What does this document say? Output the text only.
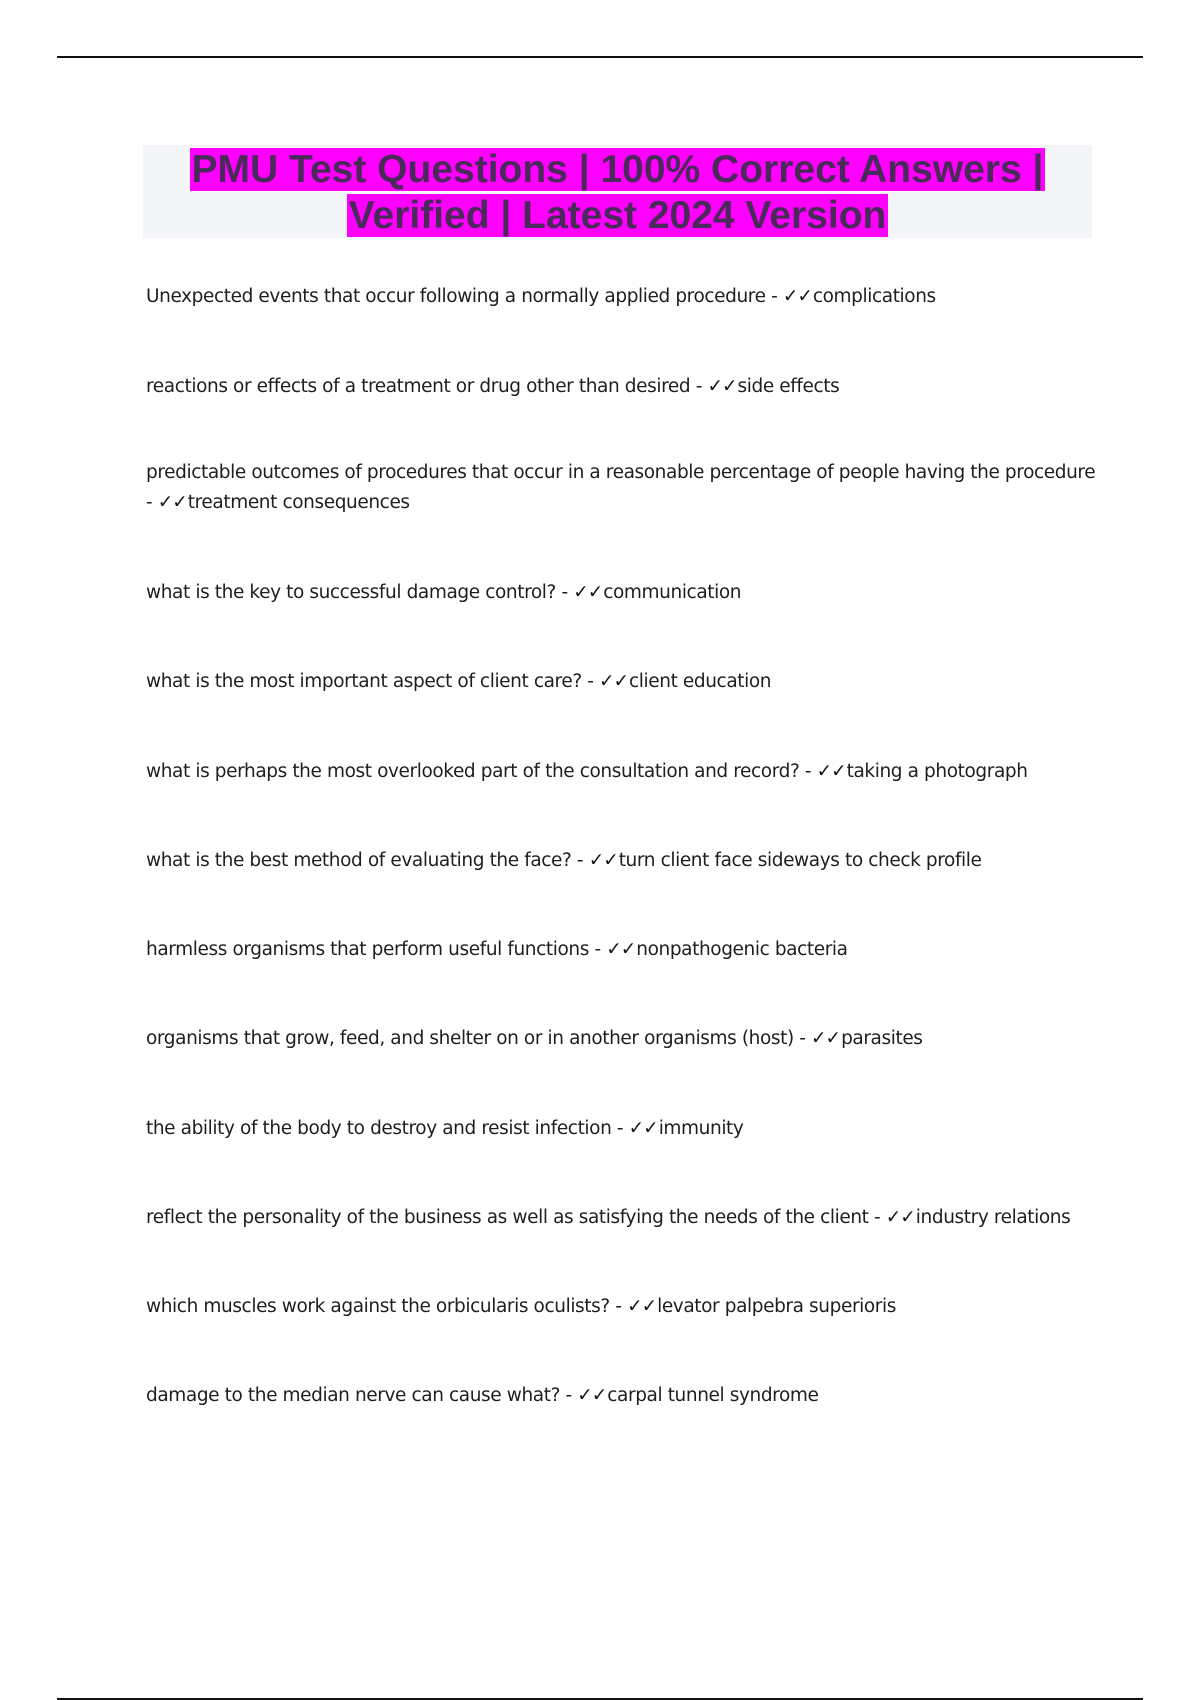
PMU Test Questions | 100% Correct Answers |
Verified | Latest 2024 Version
Unexpected events that occur following a normally applied procedure - ✓✓complications
reactions or effects of a treatment or drug other than desired - ✓✓side effects
predictable outcomes of procedures that occur in a reasonable percentage of people having the procedure - ✓✓treatment consequences
what is the key to successful damage control? - ✓✓communication
what is the most important aspect of client care? - ✓✓client education
what is perhaps the most overlooked part of the consultation and record? - ✓✓taking a photograph
what is the best method of evaluating the face? - ✓✓turn client face sideways to check profile
harmless organisms that perform useful functions - ✓✓nonpathogenic bacteria
organisms that grow, feed, and shelter on or in another organisms (host) - ✓✓parasites
the ability of the body to destroy and resist infection - ✓✓immunity
reflect the personality of the business as well as satisfying the needs of the client - ✓✓industry relations
which muscles work against the orbicularis oculists? - ✓✓levator palpebra superioris
damage to the median nerve can cause what? - ✓✓carpal tunnel syndrome
